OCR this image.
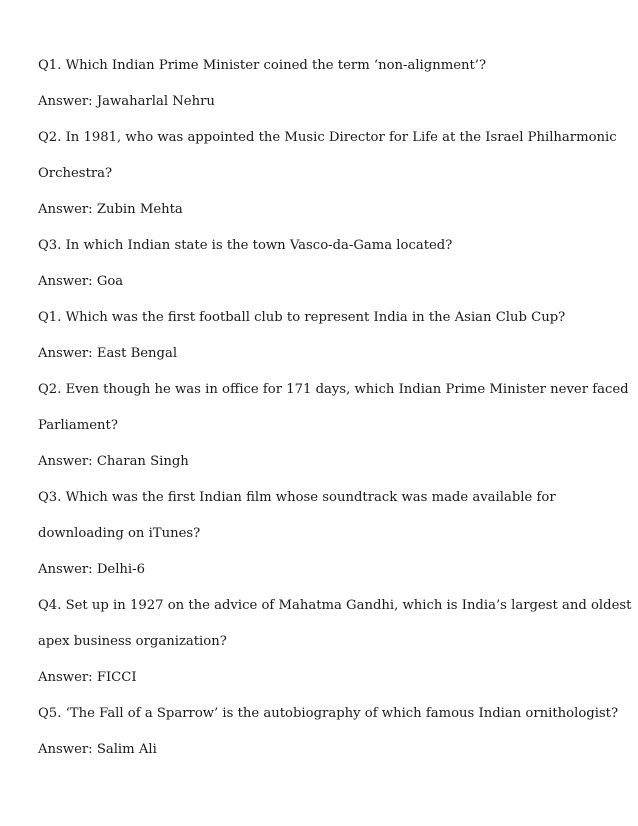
Q1. Which Indian Prime Minister coined the term ‘non-alignment’?

Answer: Jawaharlal Nehru

Q2. In 1981, who was appointed the Music Director for Life at the Israel Philharmonic

Orchestra?

Answer: Zubin Mehta

Q3. In which Indian state is the town Vasco-da-Gama located?

Answer: Goa

Q1. Which was the first football club to represent India in the Asian Club Cup?

Answer: East Bengal

Q2. Even though he was in office for 171 days, which Indian Prime Minister never faced

Parliament?

Answer: Charan Singh

Q3. Which was the first Indian film whose soundtrack was made available for

downloading on iTunes?

Answer: Delhi-6

Q4. Set up in 1927 on the advice of Mahatma Gandhi, which is India’s largest and oldest

apex business organization?

Answer: FICCI

Q5. ‘The Fall of a Sparrow’ is the autobiography of which famous Indian ornithologist?

Answer: Salim Ali
